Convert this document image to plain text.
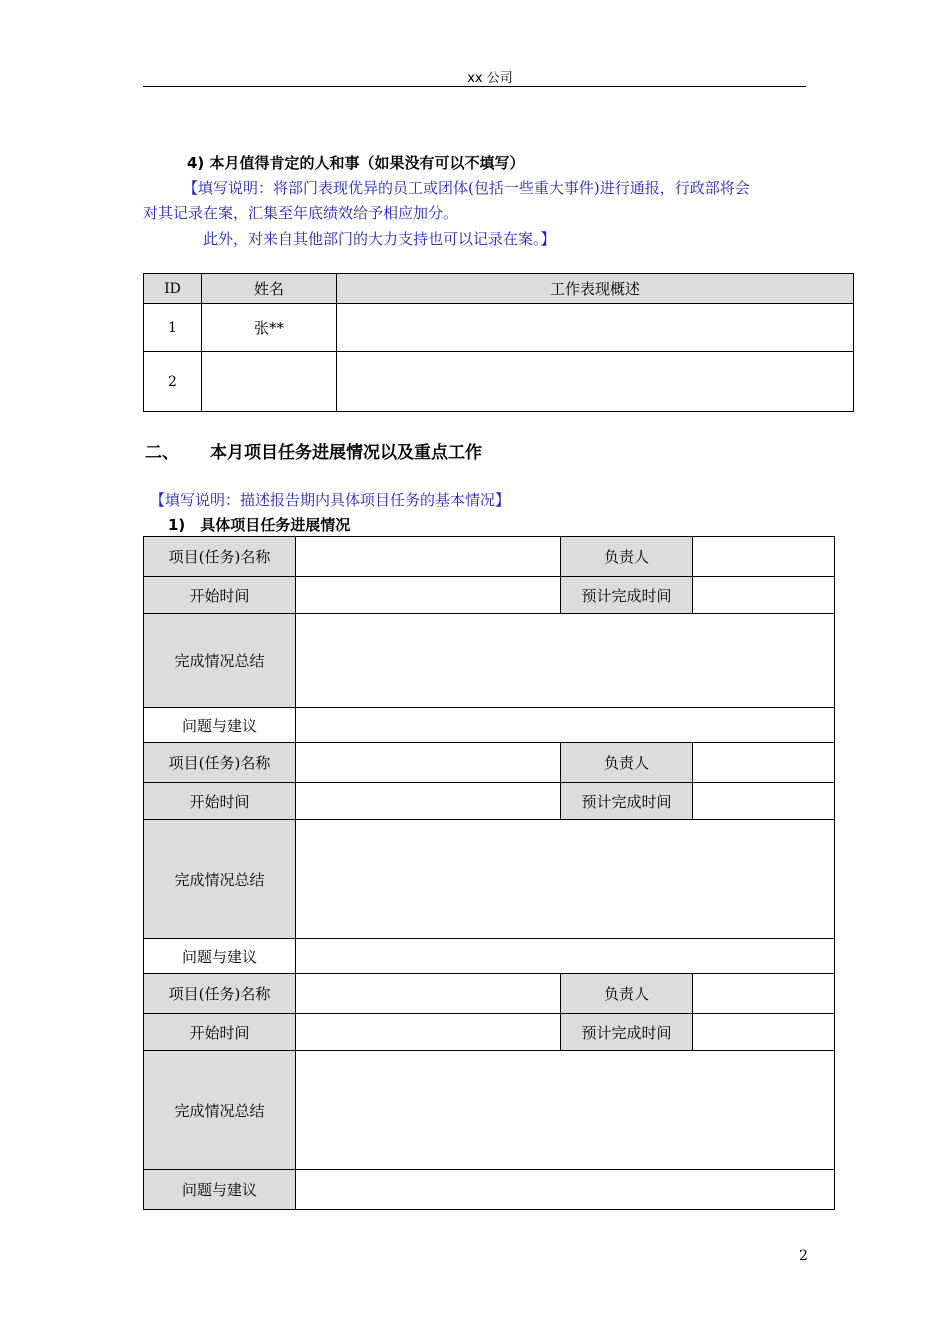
xx 公司
4) 本月值得肯定的人和事（如果没有可以不填写）
【填写说明：将部门表现优异的员工或团体(包括一些重大事件)进行通报，行政部将会
对其记录在案，汇集至年底绩效给予相应加分。
此外，对来自其他部门的大力支持也可以记录在案。】
ID	姓名	工作表现概述
1	张**	
2		
二、 本月项目任务进展情况以及重点工作
【填写说明：描述报告期内具体项目任务的基本情况】
1)　具体项目任务进展情况
项目(任务)名称		负责人	
开始时间		预计完成时间	
完成情况总结			
问题与建议			
项目(任务)名称		负责人	
开始时间		预计完成时间	
完成情况总结			
问题与建议			
项目(任务)名称		负责人	
开始时间		预计完成时间	
完成情况总结			
问题与建议			
2
